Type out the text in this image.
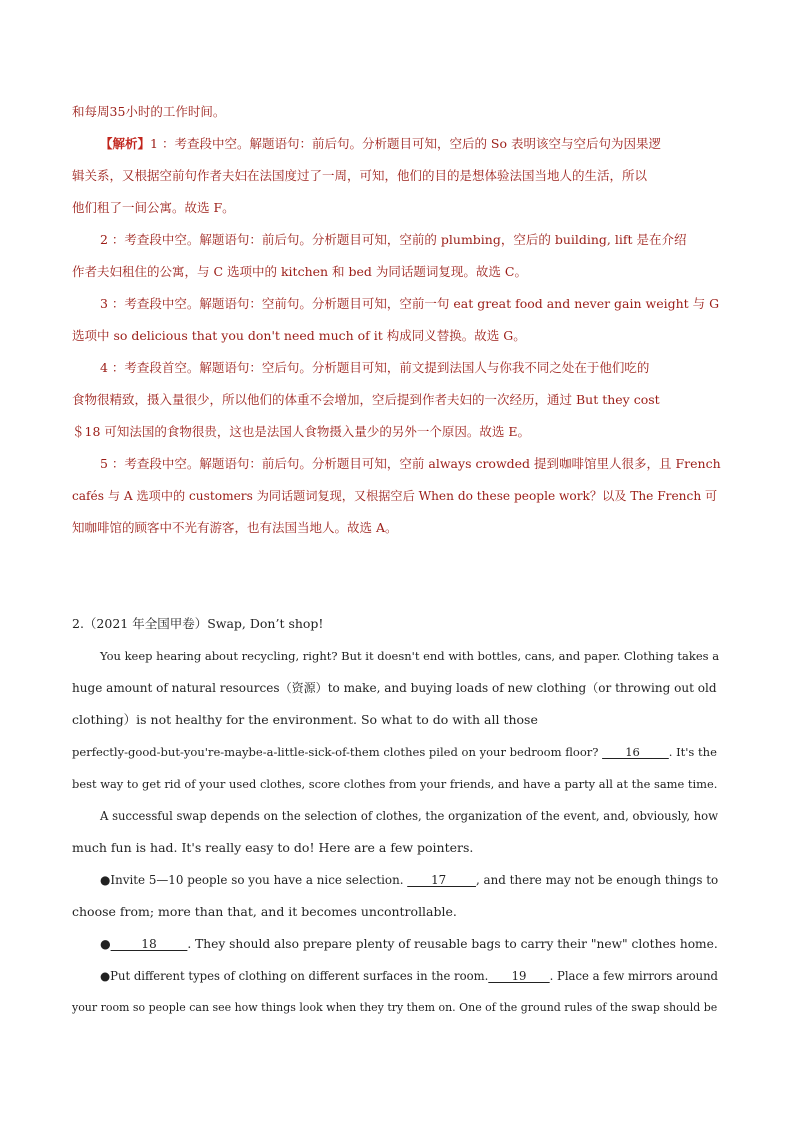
和每周35小时的工作时间。
【解析】1 ：考查段中空。解题语句：前后句。分析题目可知，空后的 So 表明该空与空后句为因果逻
辑关系，又根据空前句作者夫妇在法国度过了一周，可知，他们的目的是想体验法国当地人的生活，所以
他们租了一间公寓。故选 F。
2 ：考查段中空。解题语句：前后句。分析题目可知，空前的 plumbing，空后的 building, lift 是在介绍
作者夫妇租住的公寓，与 C 选项中的 kitchen 和 bed 为同话题词复现。故选 C。
3 ：考查段中空。解题语句：空前句。分析题目可知，空前一句 eat great food and never gain weight 与 G
选项中 so delicious that you don't need much of it 构成同义替换。故选 G。
4 ：考查段首空。解题语句：空后句。分析题目可知，前文提到法国人与你我不同之处在于他们吃的
食物很精致，摄入量很少，所以他们的体重不会增加，空后提到作者夫妇的一次经历，通过 But they cost
＄18 可知法国的食物很贵，这也是法国人食物摄入量少的另外一个原因。故选 E。
5 ：考查段中空。解题语句：前后句。分析题目可知，空前 always crowded 提到咖啡馆里人很多，且 French
cafés 与 A 选项中的 customers 为同话题词复现，又根据空后 When do these people work？以及 The French 可
知咖啡馆的顾客中不光有游客，也有法国当地人。故选 A。
2.（2021 年全国甲卷）Swap, Don’t shop!
You keep hearing about recycling, right? But it doesn't end with bottles, cans, and paper. Clothing takes a
huge amount of natural resources（资源）to make, and buying loads of new clothing（or throwing out old
clothing）is not healthy for the environment. So what to do with all those
perfectly-good-but-you're-maybe-a-little-sick-of-them clothes piled on your bedroom floor? ____16_____. It's the
best way to get rid of your used clothes, score clothes from your friends, and have a party all at the same time.
A successful swap depends on the selection of clothes, the organization of the event, and, obviously, how
much fun is had. It's really easy to do! Here are a few pointers.
●Invite 5—10 people so you have a nice selection. ____17_____, and there may not be enough things to
choose from; more than that, and it becomes uncontrollable.
●_____18_____. They should also prepare plenty of reusable bags to carry their "new" clothes home.
●Put different types of clothing on different surfaces in the room.____19____. Place a few mirrors around
your room so people can see how things look when they try them on. One of the ground rules of the swap should be
